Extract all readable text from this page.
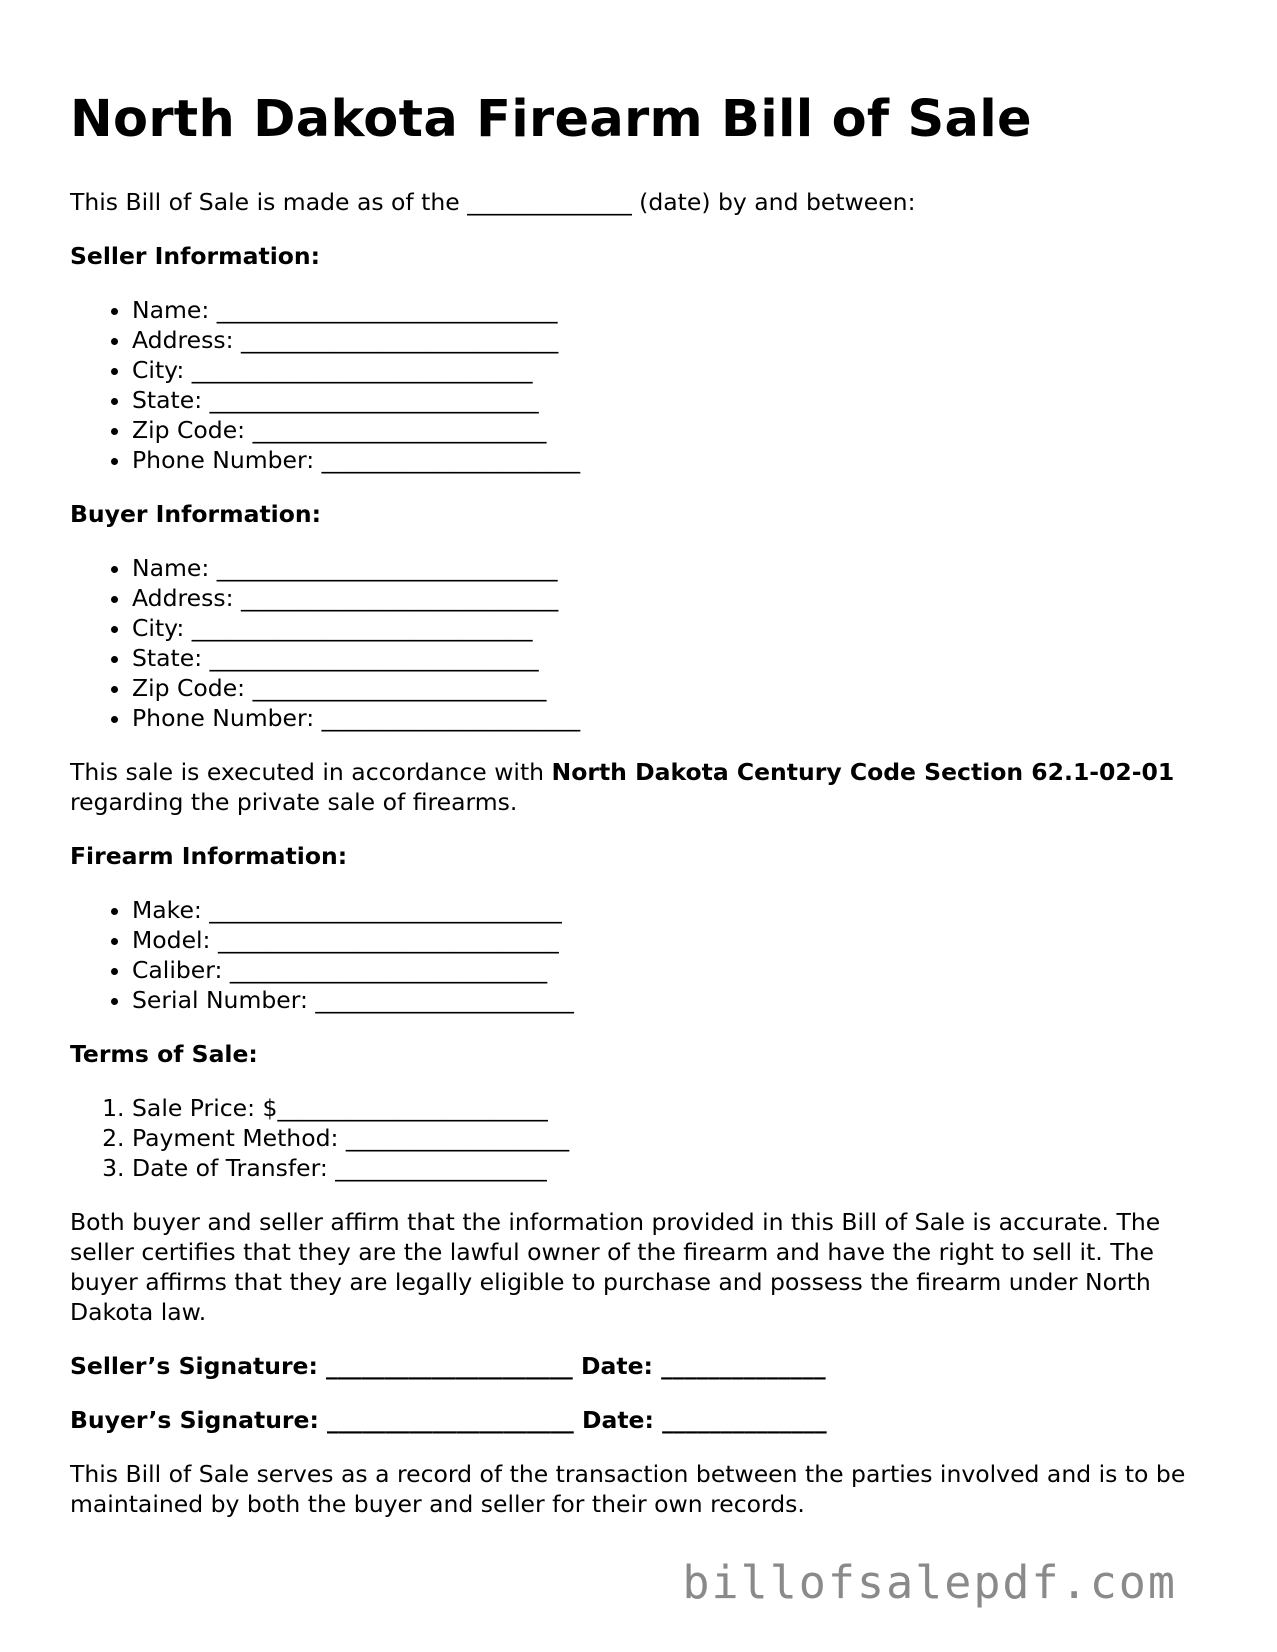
North Dakota Firearm Bill of Sale

This Bill of Sale is made as of the ______________ (date) by and between:

Seller Information:

• Name: _____________________________
• Address: ___________________________
• City: _____________________________
• State: ____________________________
• Zip Code: _________________________
• Phone Number: ______________________

Buyer Information:

• Name: _____________________________
• Address: ___________________________
• City: _____________________________
• State: ____________________________
• Zip Code: _________________________
• Phone Number: ______________________

This sale is executed in accordance with North Dakota Century Code Section 62.1-02-01 regarding the private sale of firearms.

Firearm Information:

• Make: ______________________________
• Model: _____________________________
• Caliber: ___________________________
• Serial Number: ______________________

Terms of Sale:

1. Sale Price: $_______________________
2. Payment Method: ___________________
3. Date of Transfer: __________________

Both buyer and seller affirm that the information provided in this Bill of Sale is accurate. The seller certifies that they are the lawful owner of the firearm and have the right to sell it. The buyer affirms that they are legally eligible to purchase and possess the firearm under North Dakota law.

Seller’s Signature: _____________________ Date: ______________

Buyer’s Signature: _____________________ Date: ______________

This Bill of Sale serves as a record of the transaction between the parties involved and is to be maintained by both the buyer and seller for their own records.

billofsalepdf.com
